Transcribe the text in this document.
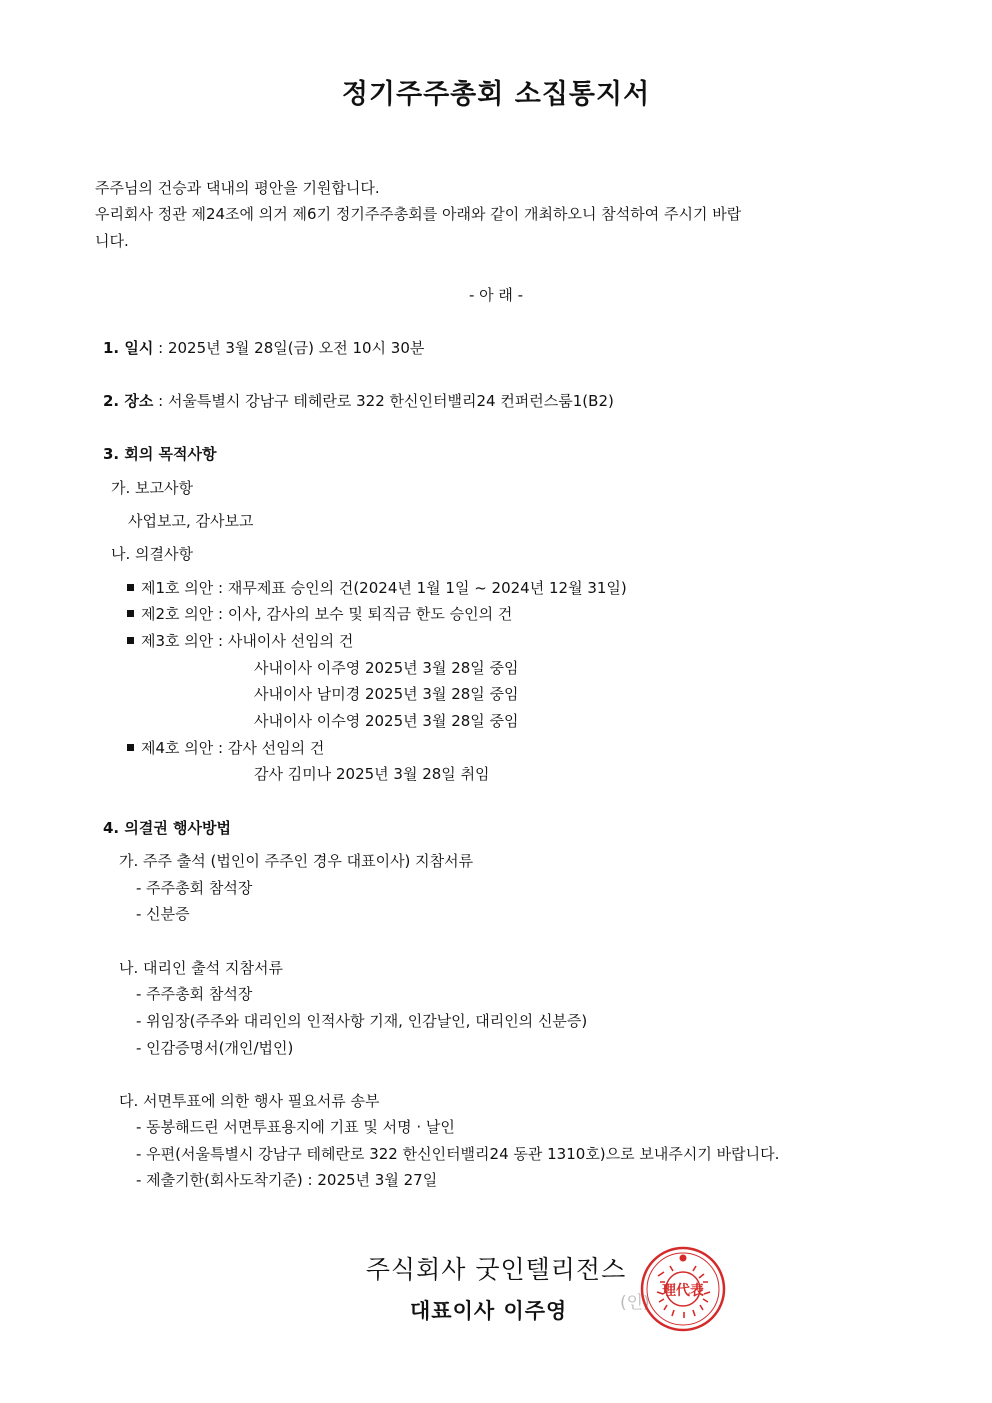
정기주주총회 소집통지서
주주님의 건승과 댁내의 평안을 기원합니다.
우리회사 정관 제24조에 의거 제6기 정기주주총회를 아래와 같이 개최하오니 참석하여 주시기 바랍
니다.
- 아 래 -
1. 일시 : 2025년 3월 28일(금) 오전 10시 30분
2. 장소 : 서울특별시 강남구 테헤란로 322 한신인터밸리24 컨퍼런스룸1(B2)
3. 회의 목적사항
가. 보고사항
사업보고, 감사보고
나. 의결사항
제1호 의안 : 재무제표 승인의 건(2024년 1월 1일 ~ 2024년 12월 31일)
제2호 의안 : 이사, 감사의 보수 및 퇴직금 한도 승인의 건
제3호 의안 : 사내이사 선임의 건
사내이사 이주영 2025년 3월 28일 중임
사내이사 남미경 2025년 3월 28일 중임
사내이사 이수영 2025년 3월 28일 중임
제4호 의안 : 감사 선임의 건
감사 김미나 2025년 3월 28일 취임
4. 의결권 행사방법
가. 주주 출석 (법인이 주주인 경우 대표이사) 지참서류
- 주주총회 참석장
- 신분증
나. 대리인 출석 지참서류
- 주주총회 참석장
- 위임장(주주와 대리인의 인적사항 기재, 인감날인, 대리인의 신분증)
- 인감증명서(개인/법인)
다. 서면투표에 의한 행사 필요서류 송부
- 동봉해드린 서면투표용지에 기표 및 서명 · 날인
- 우편(서울특별시 강남구 테헤란로 322 한신인터밸리24 동관 1310호)으로 보내주시기 바랍니다.
- 제출기한(회사도착기준) : 2025년 3월 27일
주식회사 굿인텔리전스
대표이사 이주영	(인)
理代表
